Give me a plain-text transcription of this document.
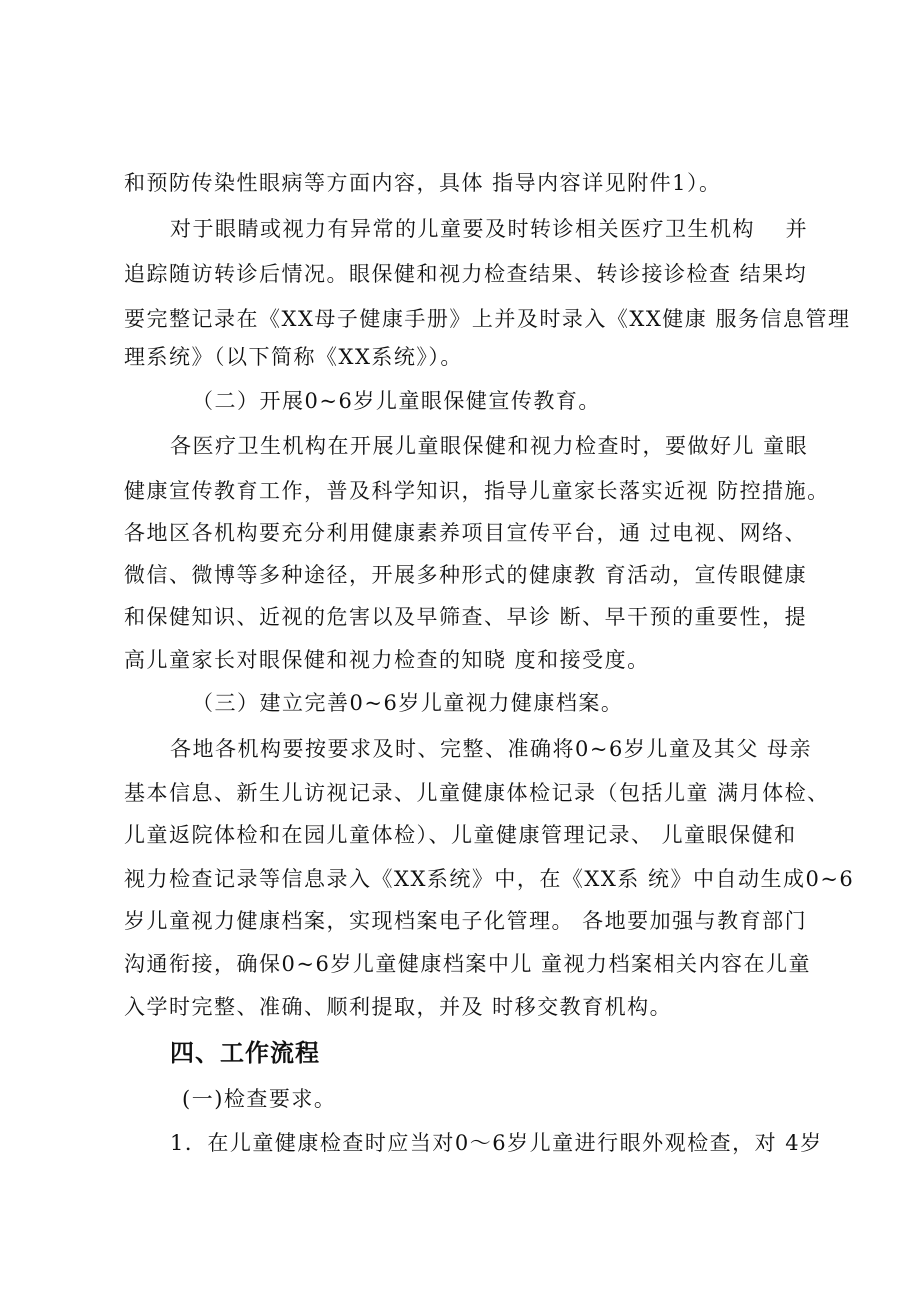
和预防传染性眼病等方面内容，具体 指导内容详见附件1）。
对于眼睛或视力有异常的儿童要及时转诊相关医疗卫生机构　 并
追踪随访转诊后情况。眼保健和视力检查结果、转诊接诊检查 结果均
要完整记录在《XX母子健康手册》上并及时录入《XX健康 服务信息管理
理系统》（以下简称《XX系统》）。
（二）开展0~6岁儿童眼保健宣传教育。
各医疗卫生机构在开展儿童眼保健和视力检查时，要做好儿 童眼
健康宣传教育工作，普及科学知识，指导儿童家长落实近视 防控措施。
各地区各机构要充分利用健康素养项目宣传平台，通 过电视、网络、
微信、微博等多种途径，开展多种形式的健康教 育活动，宣传眼健康
和保健知识、近视的危害以及早筛查、早诊 断、早干预的重要性，提
高儿童家长对眼保健和视力检查的知晓 度和接受度。
（三）建立完善0~6岁儿童视力健康档案。
各地各机构要按要求及时、完整、准确将0~6岁儿童及其父 母亲
基本信息、新生儿访视记录、儿童健康体检记录（包括儿童 满月体检、
儿童返院体检和在园儿童体检）、儿童健康管理记录、 儿童眼保健和
视力检查记录等信息录入《XX系统》中，在《XX系 统》中自动生成0~6
岁儿童视力健康档案，实现档案电子化管理。 各地要加强与教育部门
沟通衔接，确保0~6岁儿童健康档案中儿 童视力档案相关内容在儿童
入学时完整、准确、顺利提取，并及 时移交教育机构。
四、工作流程
(一)检查要求。
1．在儿童健康检查时应当对0～6岁儿童进行眼外观检查，对 4岁
